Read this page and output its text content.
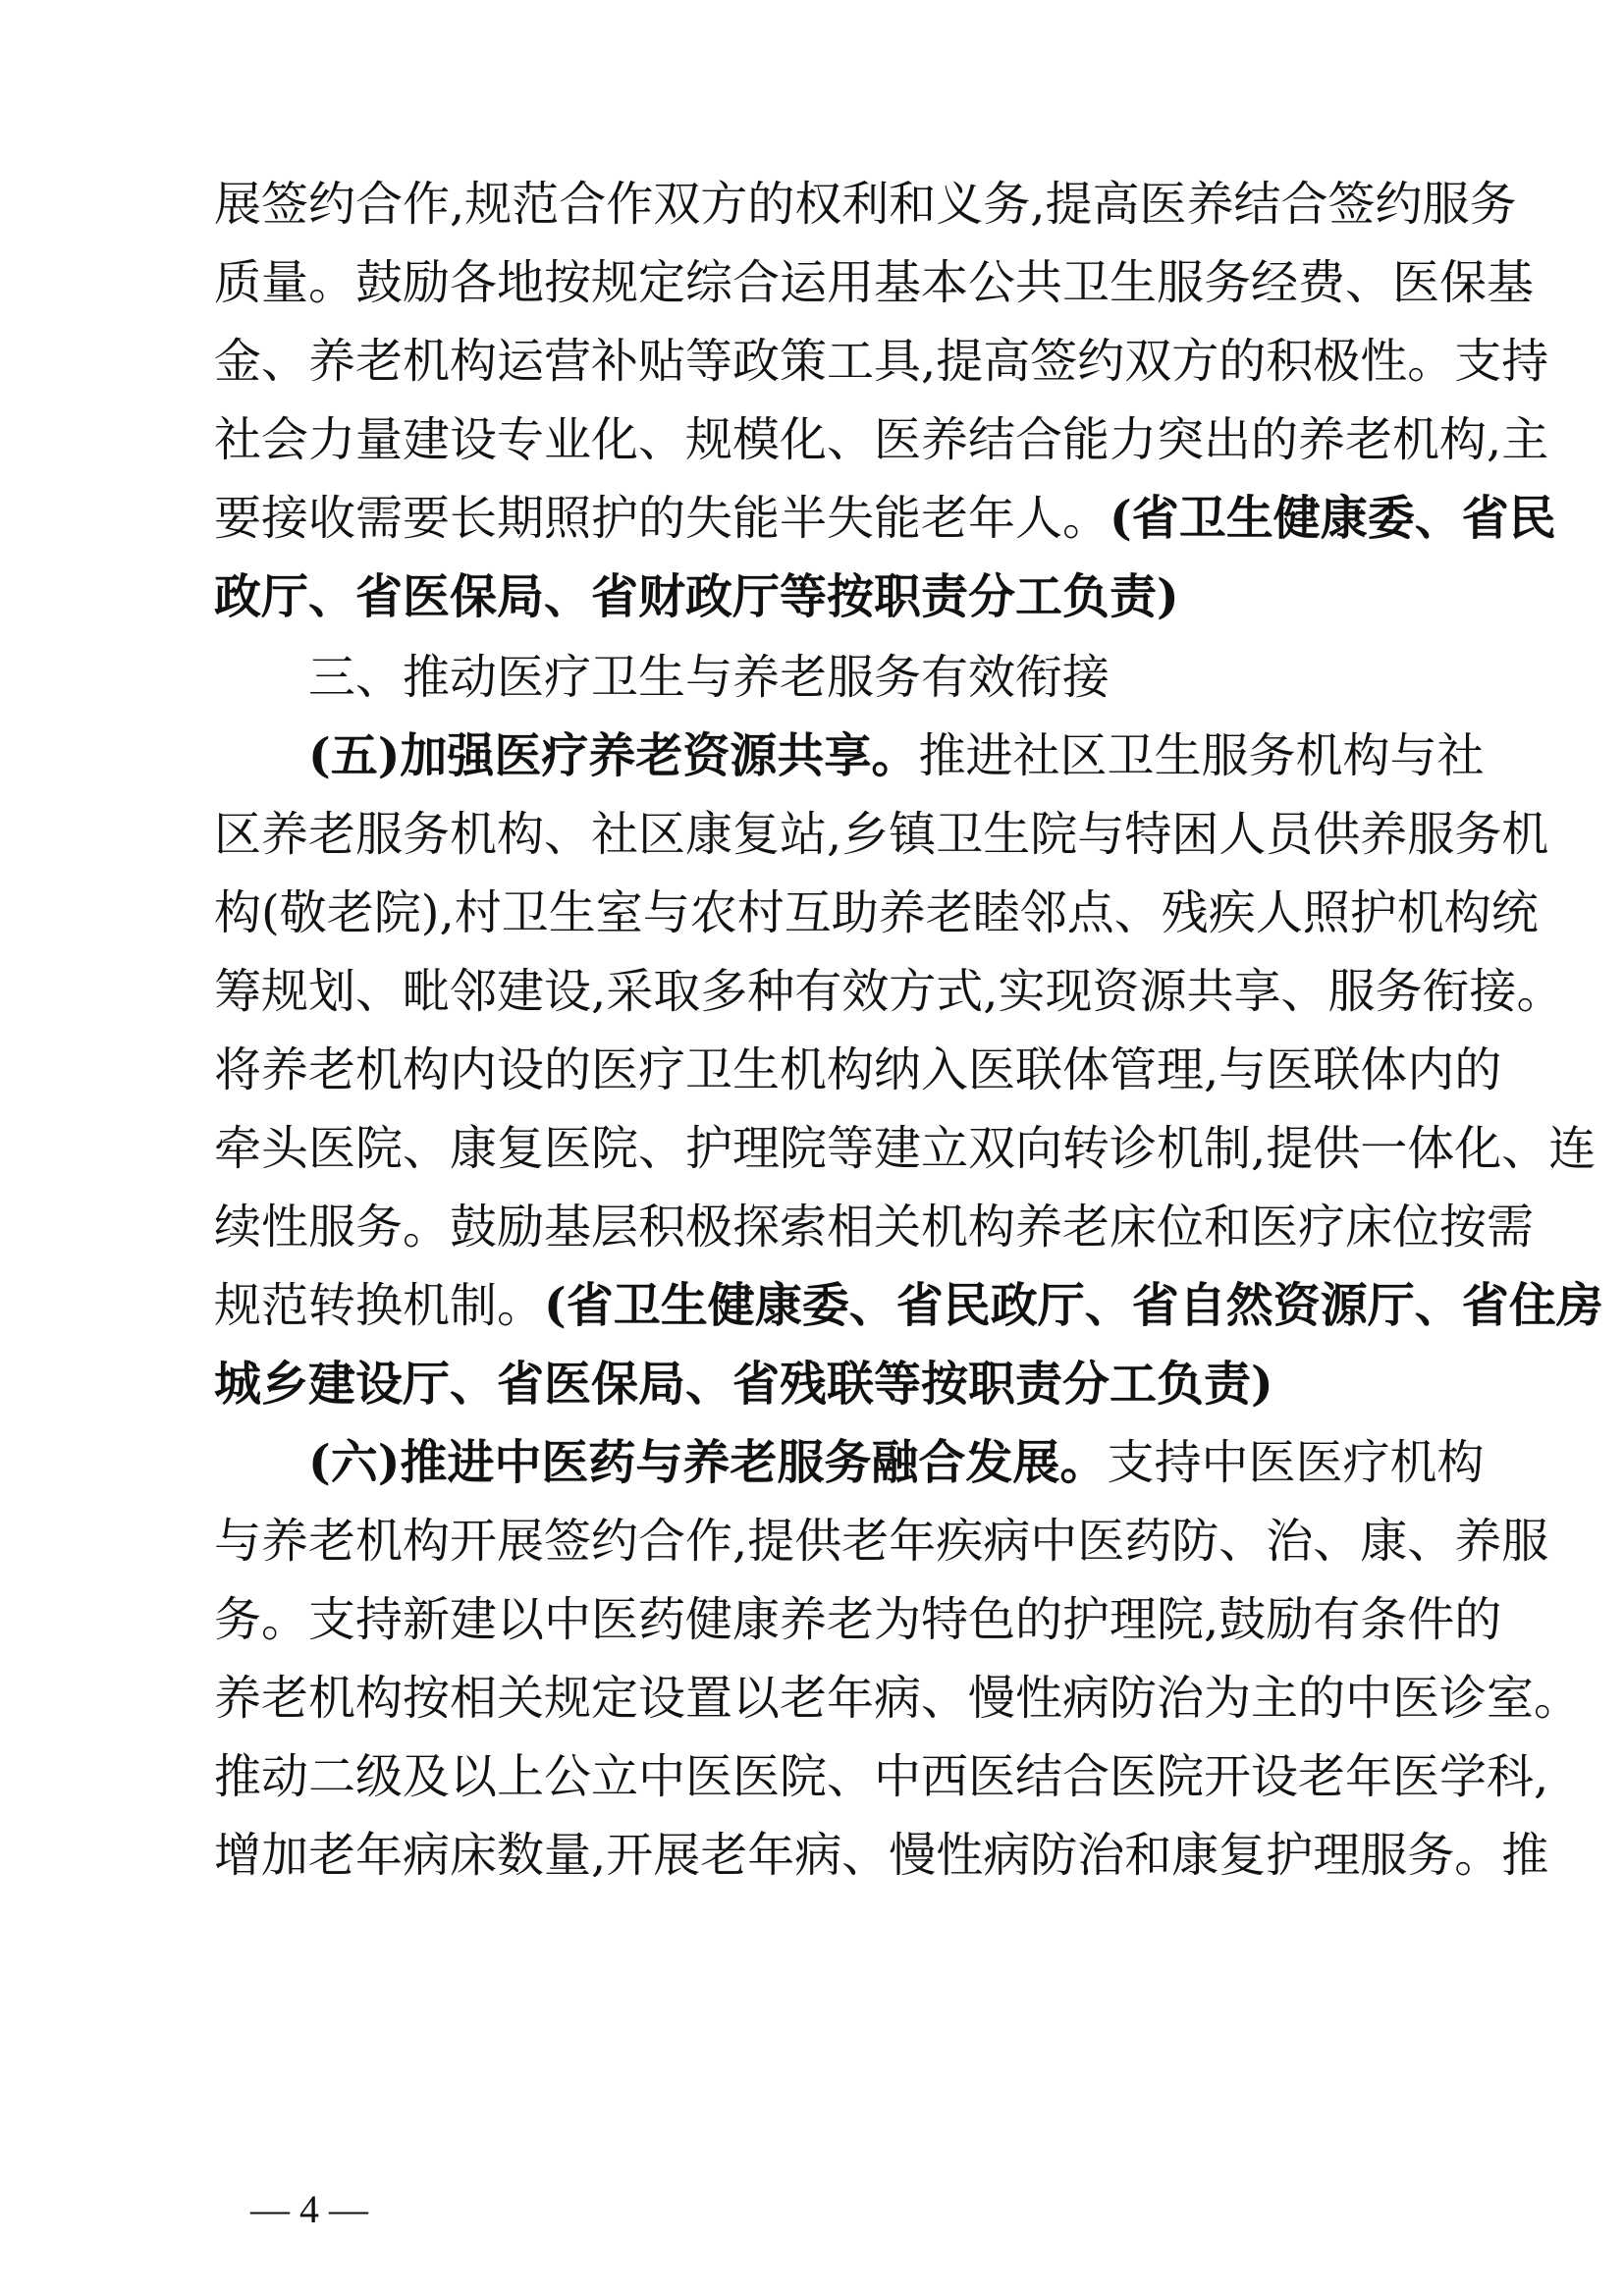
展签约合作,规范合作双方的权利和义务,提高医养结合签约服务
质量。鼓励各地按规定综合运用基本公共卫生服务经费、医保基
金、养老机构运营补贴等政策工具,提高签约双方的积极性。支持
社会力量建设专业化、规模化、医养结合能力突出的养老机构,主
要接收需要长期照护的失能半失能老年人。(省卫生健康委、省民
政厅、省医保局、省财政厅等按职责分工负责)
三、推动医疗卫生与养老服务有效衔接
(五)加强医疗养老资源共享。推进社区卫生服务机构与社
区养老服务机构、社区康复站,乡镇卫生院与特困人员供养服务机
构(敬老院),村卫生室与农村互助养老睦邻点、残疾人照护机构统
筹规划、毗邻建设,采取多种有效方式,实现资源共享、服务衔接。
将养老机构内设的医疗卫生机构纳入医联体管理,与医联体内的
牵头医院、康复医院、护理院等建立双向转诊机制,提供一体化、连
续性服务。鼓励基层积极探索相关机构养老床位和医疗床位按需
规范转换机制。(省卫生健康委、省民政厅、省自然资源厅、省住房
城乡建设厅、省医保局、省残联等按职责分工负责)
(六)推进中医药与养老服务融合发展。支持中医医疗机构
与养老机构开展签约合作,提供老年疾病中医药防、治、康、养服
务。支持新建以中医药健康养老为特色的护理院,鼓励有条件的
养老机构按相关规定设置以老年病、慢性病防治为主的中医诊室。
推动二级及以上公立中医医院、中西医结合医院开设老年医学科,
增加老年病床数量,开展老年病、慢性病防治和康复护理服务。推
— 4 —
